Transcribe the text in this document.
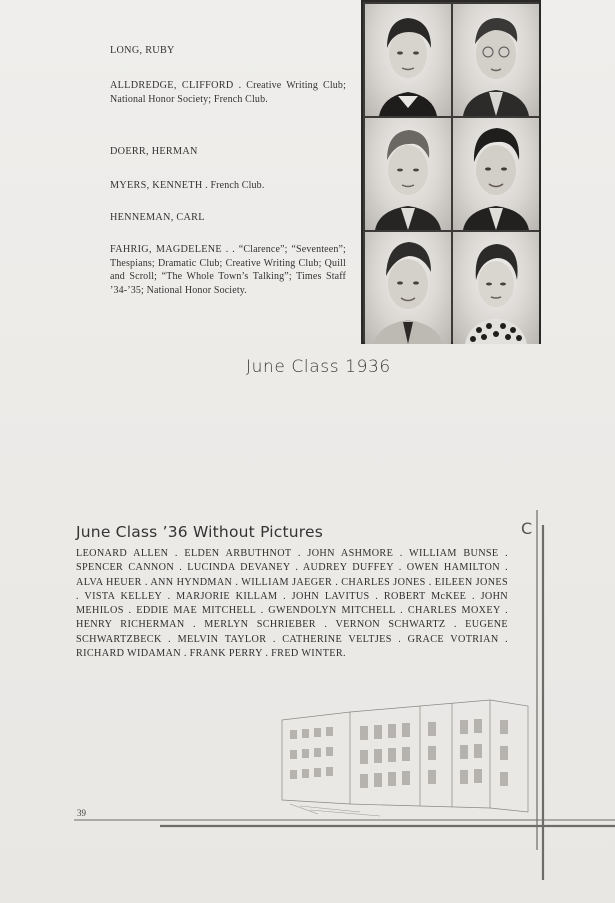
LONG, RUBY
ALLDREDGE, CLIFFORD . Creative Writing Club; National Honor Society; French Club.
DOERR, HERMAN
MYERS, KENNETH . French Club.
HENNEMAN, CARL
FAHRIG, MAGDELENE . . “Clarence”; “Seventeen”; Thespians; Dramatic Club; Creative Writing Club; Quill and Scroll; “The Whole Town’s Talking”; Times Staff ’34-’35; National Honor Society.
June Class 1936
C
June Class ’36 Without Pictures
LEONARD ALLEN . ELDEN ARBUTHNOT . JOHN ASHMORE . WILLIAM BUNSE . SPENCER CANNON . LUCINDA DEVANEY . AUDREY DUFFEY . OWEN HAMILTON . ALVA HEUER . ANN HYNDMAN . WILLIAM JAEGER . CHARLES JONES . EILEEN JONES . VISTA KELLEY . MARJORIE KILLAM . JOHN LAVITUS . ROBERT McKEE . JOHN MEHILOS . EDDIE MAE MITCHELL . GWENDOLYN MITCHELL . CHARLES MOXEY . HENRY RICHERMAN . MERLYN SCHRIEBER . VERNON SCHWARTZ . EUGENE SCHWARTZBECK . MELVIN TAYLOR . CATHERINE VELTJES . GRACE VOTRIAN . RICHARD WIDAMAN . FRANK PERRY . FRED WINTER.
39
